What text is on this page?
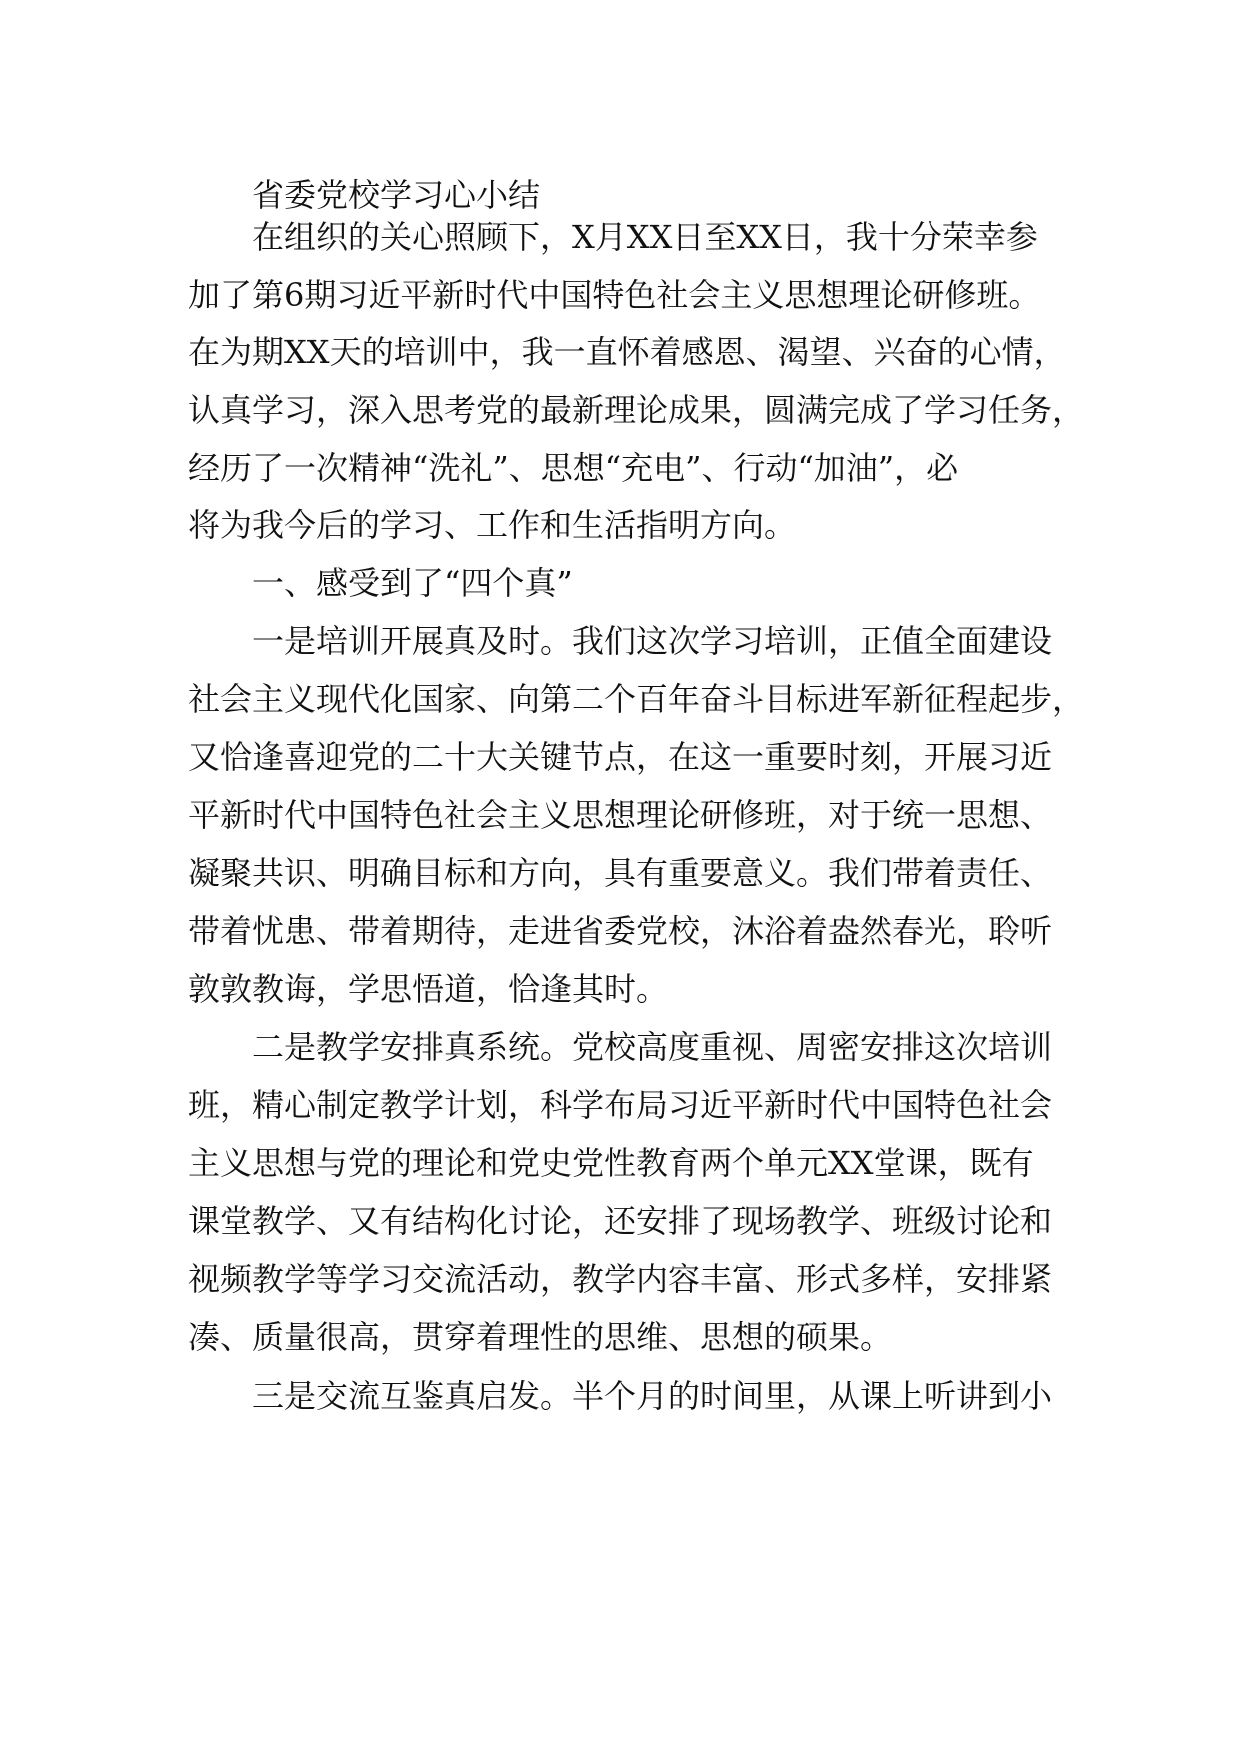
省委党校学习心小结
在组织的关心照顾下，X月XX日至XX日，我十分荣幸参
加了第6期习近平新时代中国特色社会主义思想理论研修班。
在为期XX天的培训中，我一直怀着感恩、渴望、兴奋的心情，
认真学习，深入思考党的最新理论成果，圆满完成了学习任务，
经历了一次精神“洗礼”、思想“充电”、行动“加油”，必
将为我今后的学习、工作和生活指明方向。
一、感受到了“四个真”
一是培训开展真及时。我们这次学习培训，正值全面建设
社会主义现代化国家、向第二个百年奋斗目标进军新征程起步，
又恰逢喜迎党的二十大关键节点，在这一重要时刻，开展习近
平新时代中国特色社会主义思想理论研修班，对于统一思想、
凝聚共识、明确目标和方向，具有重要意义。我们带着责任、
带着忧患、带着期待，走进省委党校，沐浴着盎然春光，聆听
敦敦教诲，学思悟道，恰逢其时。
二是教学安排真系统。党校高度重视、周密安排这次培训
班，精心制定教学计划，科学布局习近平新时代中国特色社会
主义思想与党的理论和党史党性教育两个单元XX堂课，既有
课堂教学、又有结构化讨论，还安排了现场教学、班级讨论和
视频教学等学习交流活动，教学内容丰富、形式多样，安排紧
凑、质量很高，贯穿着理性的思维、思想的硕果。
三是交流互鉴真启发。半个月的时间里，从课上听讲到小
